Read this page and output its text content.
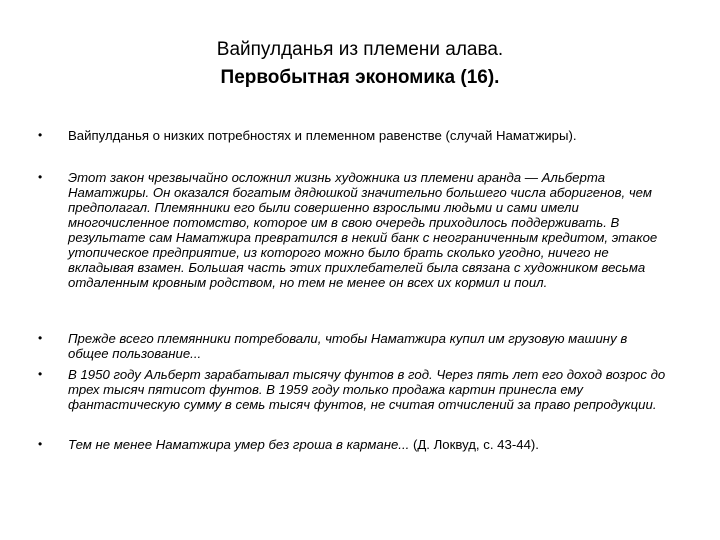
Вайпулданья из племени алава.
Первобытная экономика (16).
• Вайпулданья о низких потребностях и племенном равенстве (случай Наматжиры).
• Этот закон чрезвычайно осложнил жизнь художника из племени аранда — Альберта Наматжиры. Он оказался богатым дядюшкой значительно большего числа аборигенов, чем предполагал. Племянники его были совершенно взрослыми людьми и сами имели многочисленное потомство, которое им в свою очередь приходилось поддерживать. В результате сам Наматжира превратился в некий банк с неограниченным кредитом, этакое утопическое предприятие, из которого можно было брать сколько угодно, ничего не вкладывая взамен. Большая часть этих прихлебателей была связана с художником весьма отдаленным кровным родством, но тем не менее он всех их кормил и поил.
• Прежде всего племянники потребовали, чтобы Наматжира купил им грузовую машину в общее пользование...
• В 1950 году Альберт зарабатывал тысячу фунтов в год. Через пять лет его доход возрос до трех тысяч пятисот фунтов. В 1959 году только продажа картин принесла ему фантастическую сумму в семь тысяч фунтов, не считая отчислений за право репродукции.
• Тем не менее Наматжира умер без гроша в кармане... (Д. Локвуд, с. 43-44).
